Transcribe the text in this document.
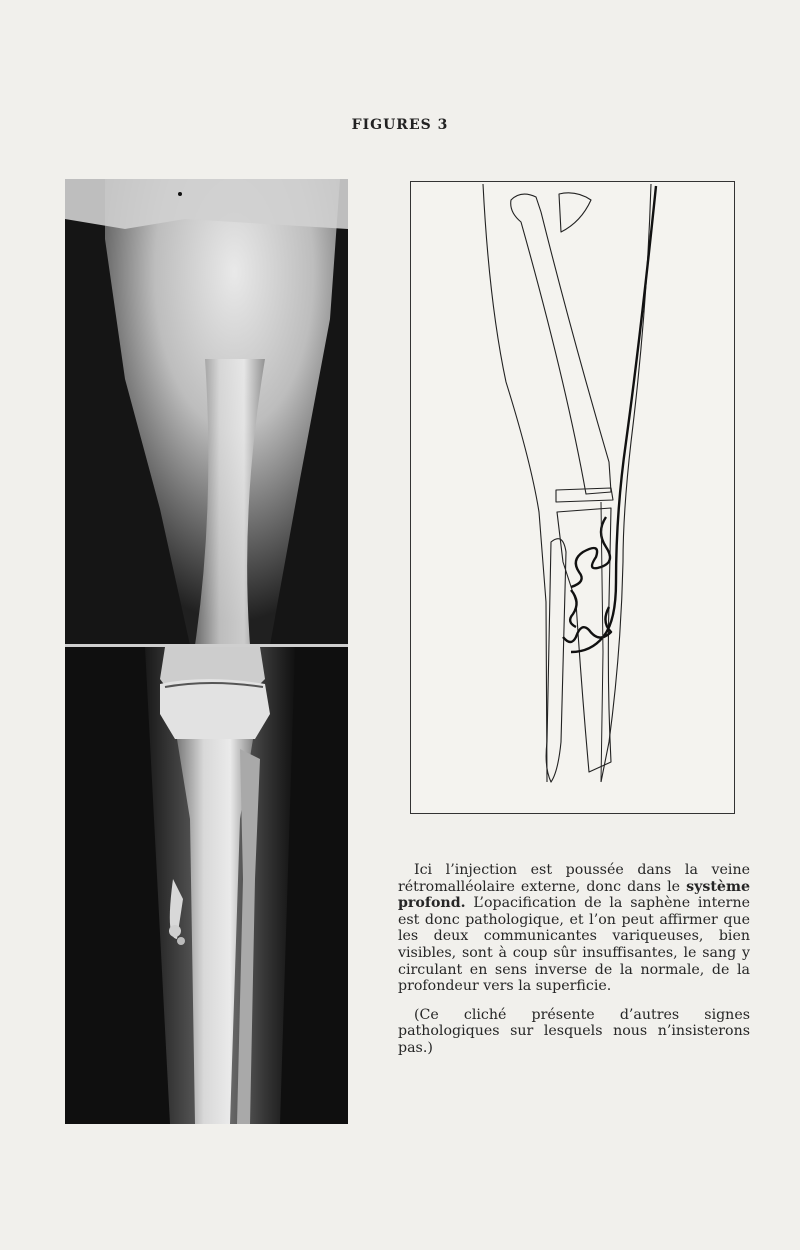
FIGURES 3

Ici l’injection est poussée dans la veine rétromalléolaire externe, donc dans le système profond. L’opacification de la saphène interne est donc pathologique, et l’on peut affirmer que les deux communicantes variqueuses, bien visibles, sont à coup sûr insuffisantes, le sang y circulant en sens inverse de la normale, de la profondeur vers la superficie.

(Ce cliché présente d’autres signes pathologiques sur lesquels nous n’insisterons pas.)
